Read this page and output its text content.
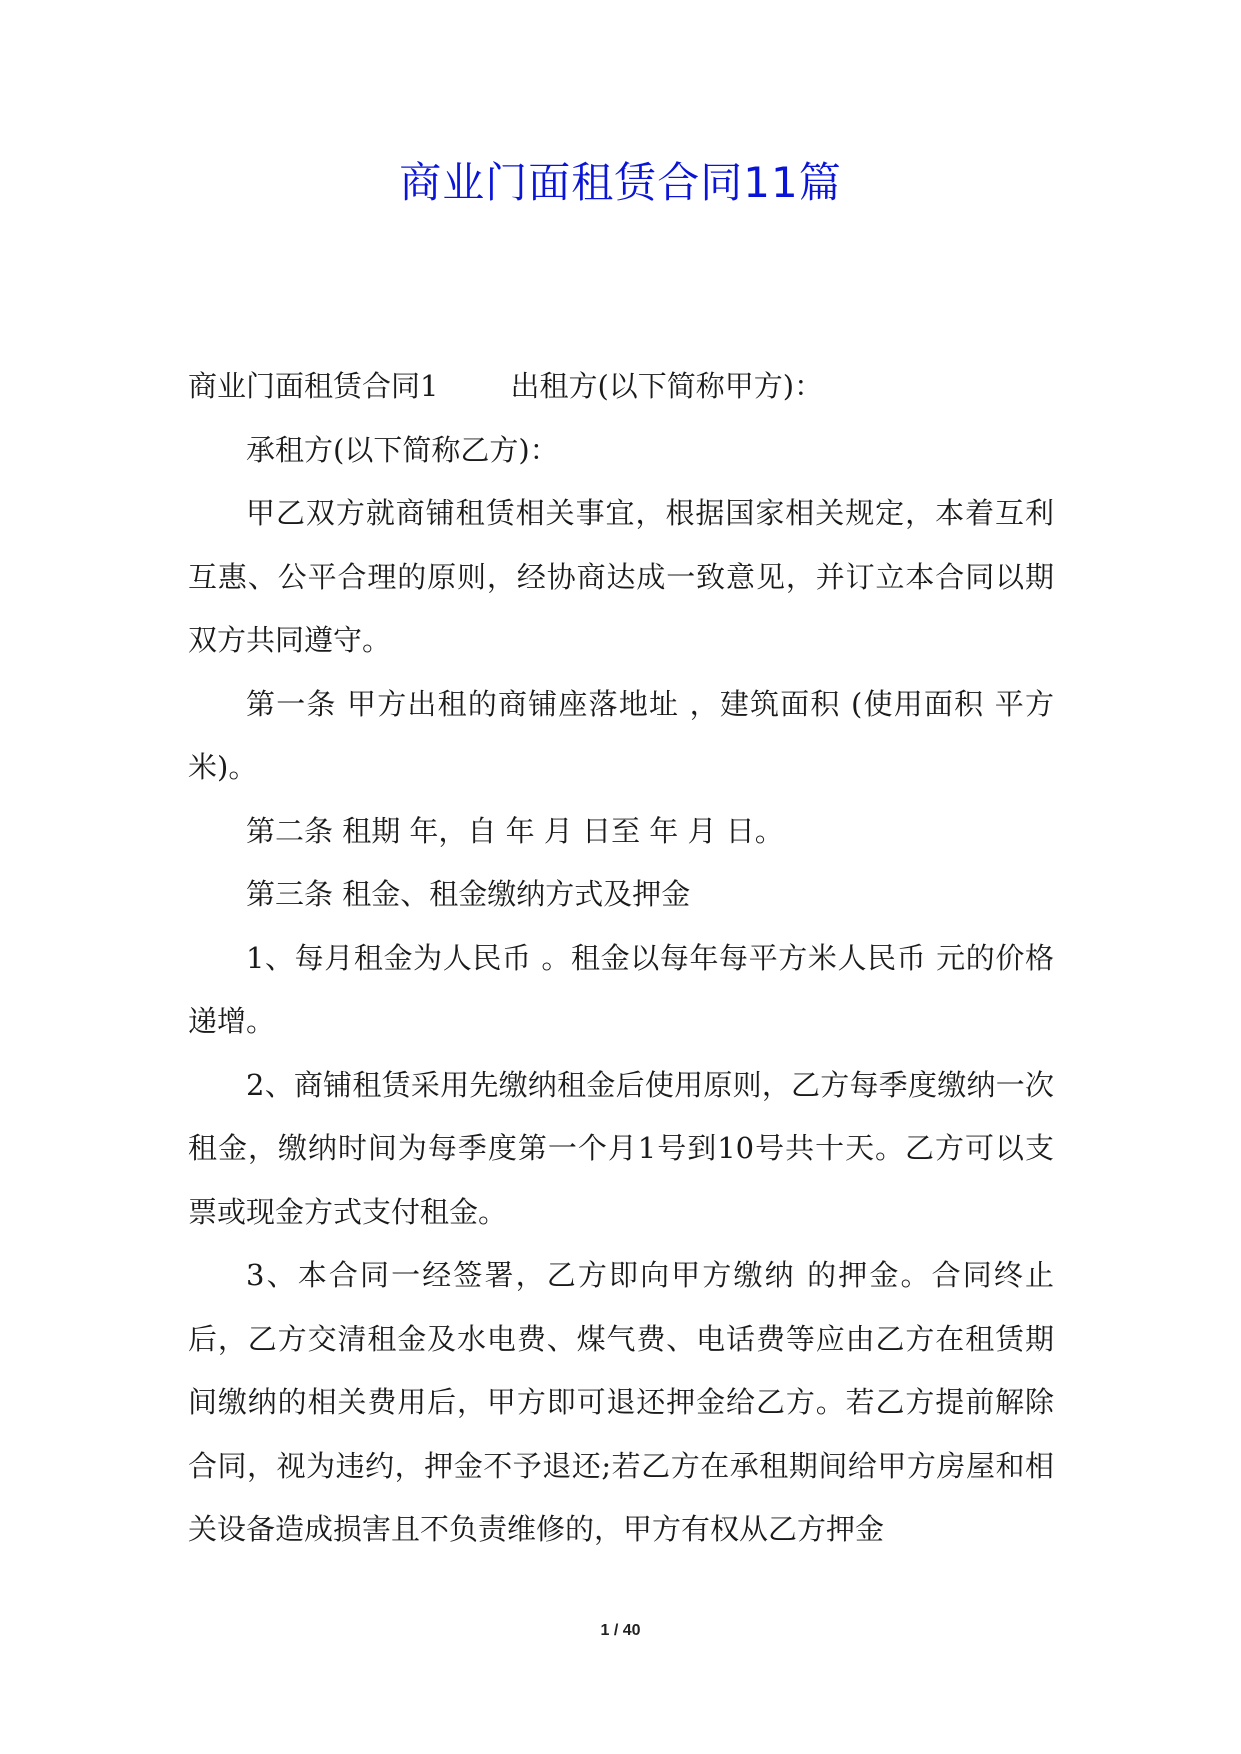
商业门面租赁合同11篇

商业门面租赁合同1 出租方(以下简称甲方)：

承租方(以下简称乙方)：

甲乙双方就商铺租赁相关事宜，根据国家相关规定，本着互利互惠、公平合理的原则，经协商达成一致意见，并订立本合同以期双方共同遵守。

第一条 甲方出租的商铺座落地址 ，建筑面积 (使用面积 平方米)。

第二条 租期 年，自 年 月 日至 年 月 日。

第三条 租金、租金缴纳方式及押金

1、每月租金为人民币 。租金以每年每平方米人民币 元的价格递增。

2、商铺租赁采用先缴纳租金后使用原则，乙方每季度缴纳一次租金，缴纳时间为每季度第一个月1号到10号共十天。乙方可以支票或现金方式支付租金。

3、本合同一经签署，乙方即向甲方缴纳 的押金。合同终止后，乙方交清租金及水电费、煤气费、电话费等应由乙方在租赁期间缴纳的相关费用后，甲方即可退还押金给乙方。若乙方提前解除合同，视为违约，押金不予退还;若乙方在承租期间给甲方房屋和相关设备造成损害且不负责维修的，甲方有权从乙方押金

1 / 40
